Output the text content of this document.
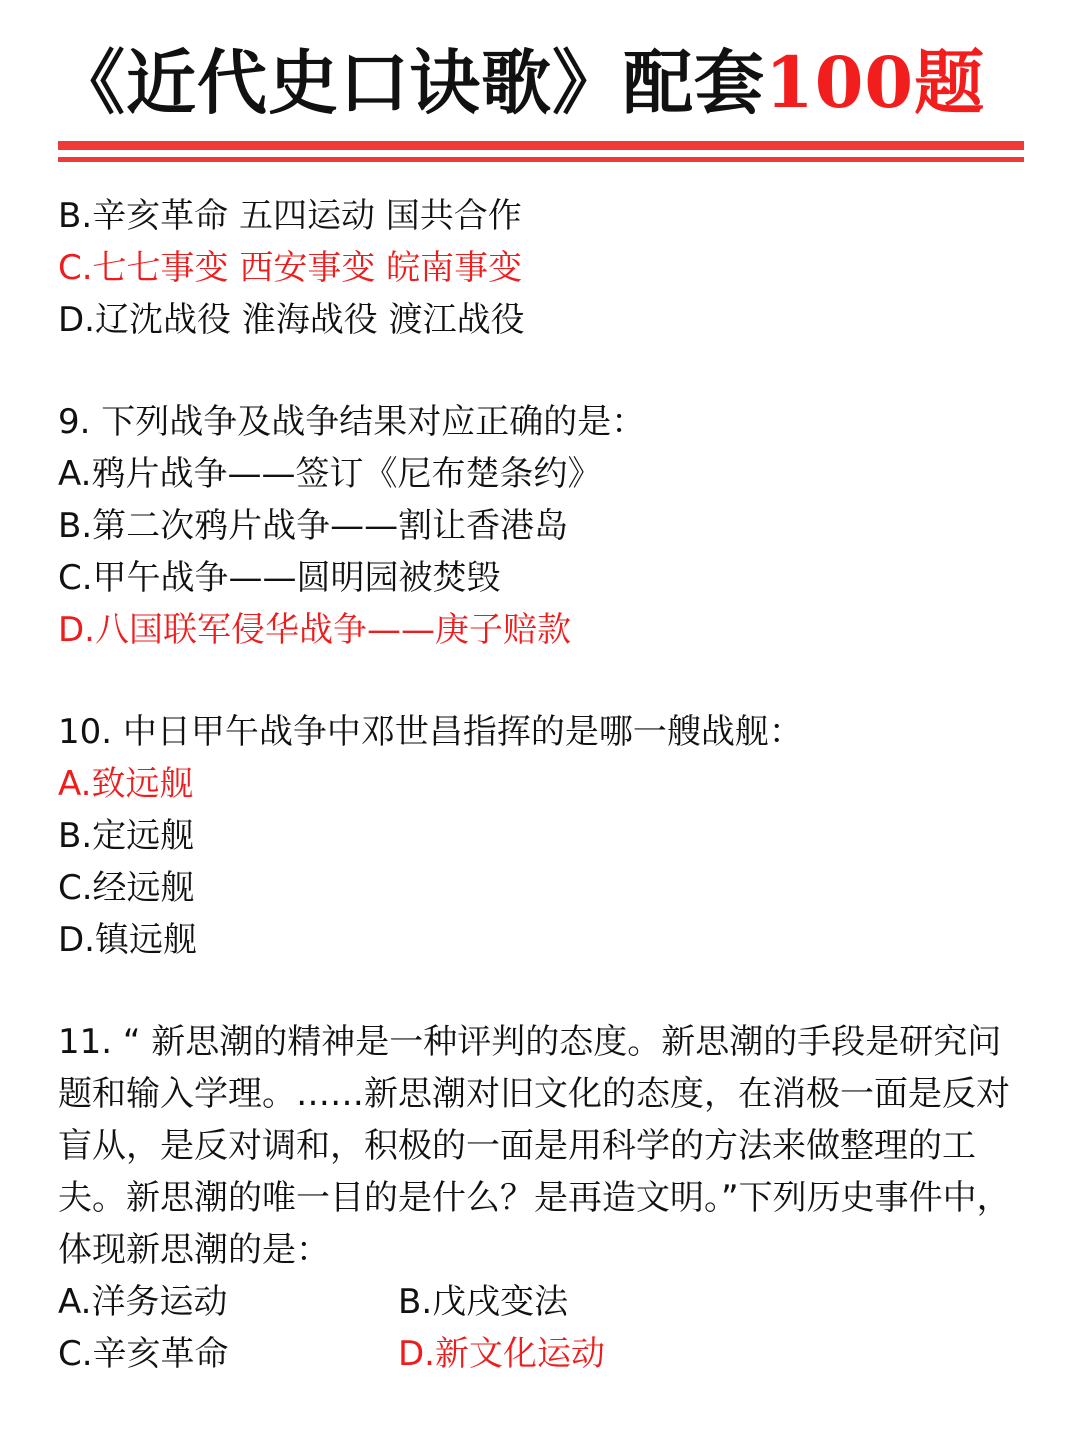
《近代史口诀歌》配套100题
B.辛亥革命 五四运动 国共合作
C.七七事变 西安事变 皖南事变
D.辽沈战役 淮海战役 渡江战役
9. 下列战争及战争结果对应正确的是：
A.鸦片战争——签订《尼布楚条约》
B.第二次鸦片战争——割让香港岛
C.甲午战争——圆明园被焚毁
D.八国联军侵华战争——庚子赔款
10. 中日甲午战争中邓世昌指挥的是哪一艘战舰：
A.致远舰
B.定远舰
C.经远舰
D.镇远舰
11. “ 新思潮的精神是一种评判的态度。新思潮的手段是研究问题和输入学理。……新思潮对旧文化的态度，在消极一面是反对盲从，是反对调和，积极的一面是用科学的方法来做整理的工夫。新思潮的唯一目的是什么？是再造文明。”下列历史事件中，体现新思潮的是：
A.洋务运动	B.戊戌变法
C.辛亥革命	D.新文化运动
